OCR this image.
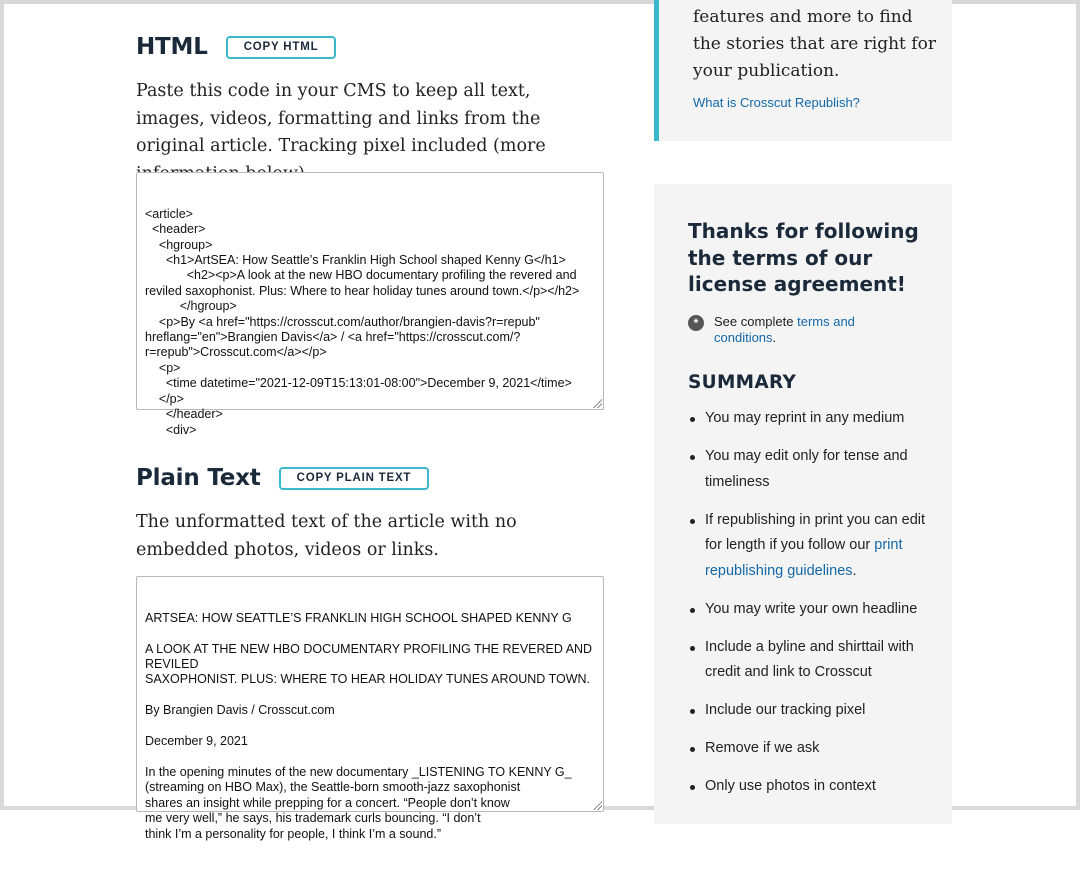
HTML	COPY HTML

Paste this code in your CMS to keep all text, images, videos, formatting and links from the original article. Tracking pixel included (more

<article>
<header>
<hgroup>
<h1>ArtSEA: How Seattle’s Franklin High School shaped Kenny G</h1>
<h2><p>A look at the new HBO documentary profiling the revered and reviled saxophonist. Plus: Where to hear holiday tunes around town.</p></h2>
</hgroup>
<p>By <a href="https://crosscut.com/author/brangien-davis?r=repub" hreflang="en">Brangien Davis</a> / <a href="https://crosscut.com/?r=repub">Crosscut.com</a></p>
<p>
<time datetime="2021-12-09T15:13:01-08:00">December 9, 2021</time>
</p>
</header>
<div>

Plain Text	COPY PLAIN TEXT

The unformatted text of the article with no embedded photos, videos or links.

ARTSEA: HOW SEATTLE’S FRANKLIN HIGH SCHOOL SHAPED KENNY G

A LOOK AT THE NEW HBO DOCUMENTARY PROFILING THE REVERED AND REVILED
SAXOPHONIST. PLUS: WHERE TO HEAR HOLIDAY TUNES AROUND TOWN.

By Brangien Davis / Crosscut.com

December 9, 2021

In the opening minutes of the new documentary _LISTENING TO KENNY G_
(streaming on HBO Max), the Seattle-born smooth-jazz saxophonist
shares an insight while prepping for a concert. “People don’t know
me very well,” he says, his trademark curls bouncing. “I don’t
think I’m a personality for people, I think I’m a sound.”

features and more to find the stories that are right for your publication.

What is Crosscut Republish?
Thanks for following the terms of our license agreement!
*	See complete terms and conditions.
SUMMARY
You may reprint in any medium
You may edit only for tense and timeliness
If republishing in print you can edit for length if you follow our print republishing guidelines.
You may write your own headline
Include a byline and shirttail with credit and link to Crosscut
Include our tracking pixel
Remove if we ask
Only use photos in context
